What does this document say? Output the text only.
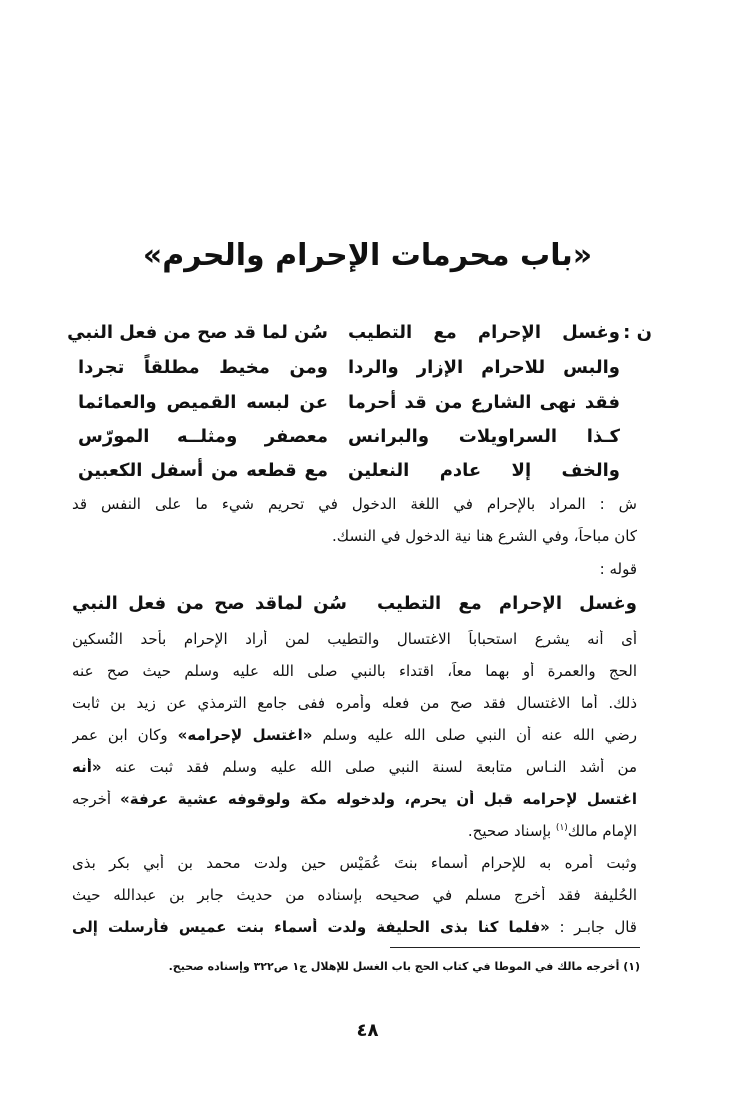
«باب محرمات الإحرام والحرم»
ن :
وغسل الإحرام مع التطيب
سُن لما قد صح من فعل النبي
والبس للاحرام الإزار والردا
ومن مخيط مطلقاً تجردا
فقد نهى الشارع من قد أحرما
عن لبسه القميص والعمائما
كـذا السراويلات والبرانس
معصفر ومثلــه المورّس
والخف إلا عادم النعلين
مع قطعه من أسفل الكعبين
ش : المراد بالإحرام في اللغة الدخول في تحريم شيء ما على النفس قد
كان مباحاً، وفي الشرع هنا نية الدخول في النسك.
قوله :
وغسل الإحرام مع التطيب
سُن لماقد صح من فعل النبي
أى أنه يشرع استحباباً الاغتسال والتطيب لمن أراد الإحرام بأحد النُسكين
الحج والعمرة أو بهما معاً، اقتداء بالنبي صلى الله عليه وسلم حيث صح عنه
ذلك. أما الاغتسال فقد صح من فعله وأمره ففى جامع الترمذي عن زيد بن ثابت
رضي الله عنه أن النبي صلى الله عليه وسلم «اغتسل لإحرامه» وكان ابن عمر
من أشد النـاس متابعة لسنة النبي صلى الله عليه وسلم فقد ثبت عنه «أنه
اغتسل لإحرامه قبل أن يحرم، ولدخوله مكة ولوقوفه عشية عرفة» أخرجه
الإمام مالك$^{(١)}$ بإسناد صحيح.
وثبت أمره به للإحرام أسماء بنتَ عُمَيْس حين ولدت محمد بن أبي بكر بذى
الحُليفة فقد أخرج مسلم في صحيحه بإسناده من حديث جابر بن عبدالله حيث
قال جابـر : «فلما كنا بذى الحليفة ولدت أسماء بنت عميس فأرسلت إلى
(١) أخرجه مالك في الموطا في كتاب الحج باب الغسل للإهلال ج١ ص٣٢٢ وإسناده صحيح.
٤٨
